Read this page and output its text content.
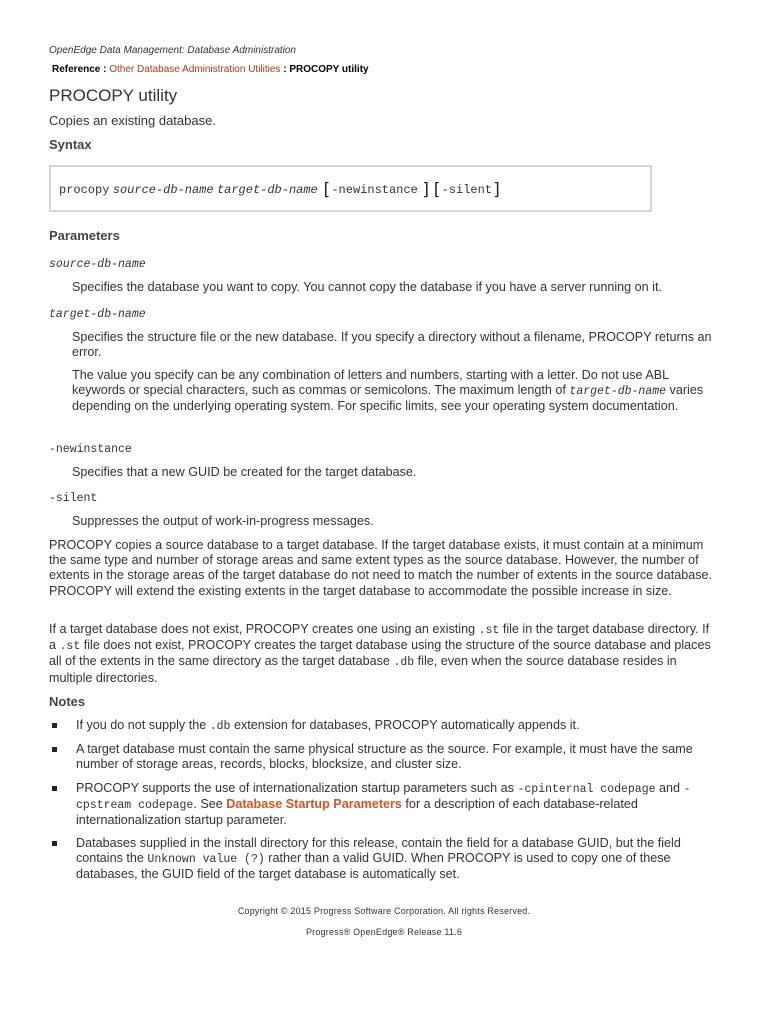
OpenEdge Data Management: Database Administration
Reference : Other Database Administration Utilities : PROCOPY utility
PROCOPY utility
Copies an existing database.
Syntax
procopy source-db-name target-db-name [-newinstance ][-silent]
Parameters
source-db-name
Specifies the database you want to copy. You cannot copy the database if you have a server running on it.
target-db-name
Specifies the structure file or the new database. If you specify a directory without a filename, PROCOPY returns an error.
The value you specify can be any combination of letters and numbers, starting with a letter. Do not use ABL keywords or special characters, such as commas or semicolons. The maximum length of target-db-name varies depending on the underlying operating system. For specific limits, see your operating system documentation.
-newinstance
Specifies that a new GUID be created for the target database.
-silent
Suppresses the output of work-in-progress messages.
PROCOPY copies a source database to a target database. If the target database exists, it must contain at a minimum the same type and number of storage areas and same extent types as the source database. However, the number of extents in the storage areas of the target database do not need to match the number of extents in the source database. PROCOPY will extend the existing extents in the target database to accommodate the possible increase in size.
If a target database does not exist, PROCOPY creates one using an existing .st file in the target database directory. If a .st file does not exist, PROCOPY creates the target database using the structure of the source database and places all of the extents in the same directory as the target database .db file, even when the source database resides in multiple directories.
Notes
If you do not supply the .db extension for databases, PROCOPY automatically appends it.
A target database must contain the same physical structure as the source. For example, it must have the same number of storage areas, records, blocks, blocksize, and cluster size.
PROCOPY supports the use of internationalization startup parameters such as -cpinternal codepage and -cpstream codepage. See Database Startup Parameters for a description of each database-related internationalization startup parameter.
Databases supplied in the install directory for this release, contain the field for a database GUID, but the field contains the Unknown value (?) rather than a valid GUID. When PROCOPY is used to copy one of these databases, the GUID field of the target database is automatically set.
Copyright © 2015 Progress Software Corporation. All rights Reserved.
Progress® OpenEdge® Release 11.6
